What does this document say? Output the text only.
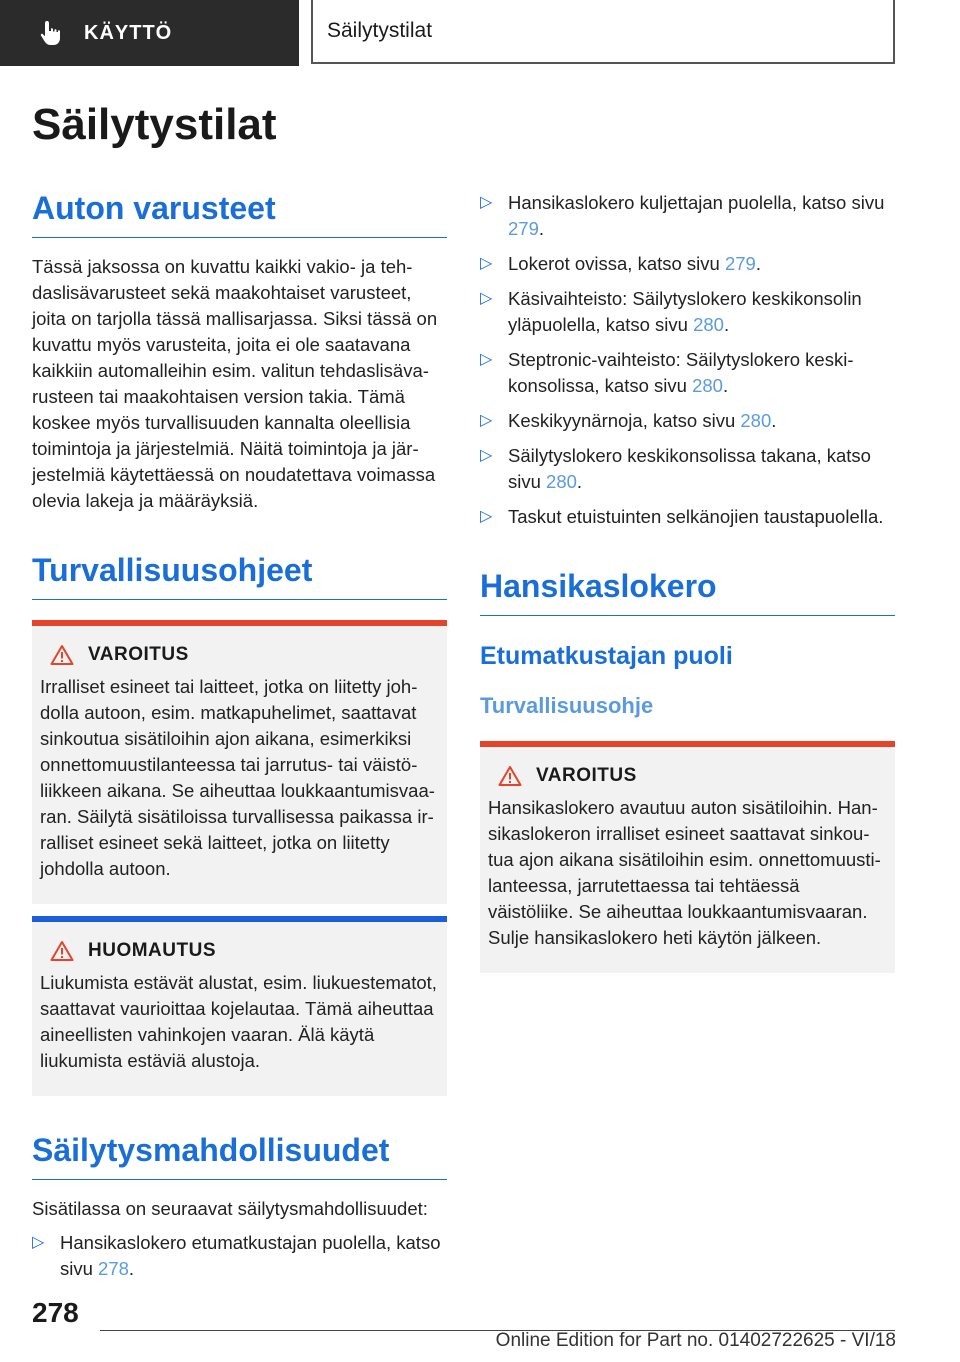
KÄYTTÖ	Säilytystilat
Säilytystilat
Auton varusteet

Tässä jaksossa on kuvattu kaikki vakio- ja tehdaslisävarusteet sekä maakohtaiset varusteet, joita on tarjolla tässä mallisarjassa. Siksi tässä on kuvattu myös varusteita, joita ei ole saatavana kaikkiin automalleihin esim. valitun tehdaslisävarusteen tai maakohtaisen version takia. Tämä koskee myös turvallisuuden kannalta oleellisia toimintoja ja järjestelmiä. Näitä toimintoja ja järjestelmiä käytettäessä on noudatettava voimassa olevia lakeja ja määräyksiä.

Turvallisuusohjeet
VAROITUS

Irralliset esineet tai laitteet, jotka on liitetty johdolla autoon, esim. matkapuhelimet, saattavat sinkoutua sisätiloihin ajon aikana, esimerkiksi onnettomuustilanteessa tai jarrutus- tai väistöliikkeen aikana. Se aiheuttaa loukkaantumisvaaran. Säilytä sisätiloissa turvallisessa paikassa irralliset esineet sekä laitteet, jotka on liitetty johdolla autoon.

HUOMAUTUS

Liukumista estävät alustat, esim. liukuestematot, saattavat vaurioittaa kojelautaa. Tämä aiheuttaa aineellisten vahinkojen vaaran. Älä käytä liukumista estäviä alustoja.

Säilytysmahdollisuudet

Sisätilassa on seuraavat säilytysmahdollisuudet:

▷ Hansikaslokero etumatkustajan puolella, katso sivu 278.
▷ Hansikaslokero kuljettajan puolella, katso sivu 279.
▷ Lokerot ovissa, katso sivu 279.
▷ Käsivaihteisto: Säilytyslokero keskikonsolin yläpuolella, katso sivu 280.
▷ Steptronic-vaihteisto: Säilytyslokero keskikonsolissa, katso sivu 280.
▷ Keskikyynärnoja, katso sivu 280.
▷ Säilytyslokero keskikonsolissa takana, katso sivu 280.
▷ Taskut etuistuinten selkänojien taustapuolella.
Hansikaslokero
Etumatkustajan puoli
Turvallisuusohje
VAROITUS

Hansikaslokero avautuu auton sisätiloihin. Hansikaslokeron irralliset esineet saattavat sinkoutua ajon aikana sisätiloihin esim. onnettomuustilanteessa, jarrutettaessa tai tehtäessä väistöliike. Se aiheuttaa loukkaantumisvaaran. Sulje hansikaslokero heti käytön jälkeen.

278

Online Edition for Part no. 01402722625 - VI/18
